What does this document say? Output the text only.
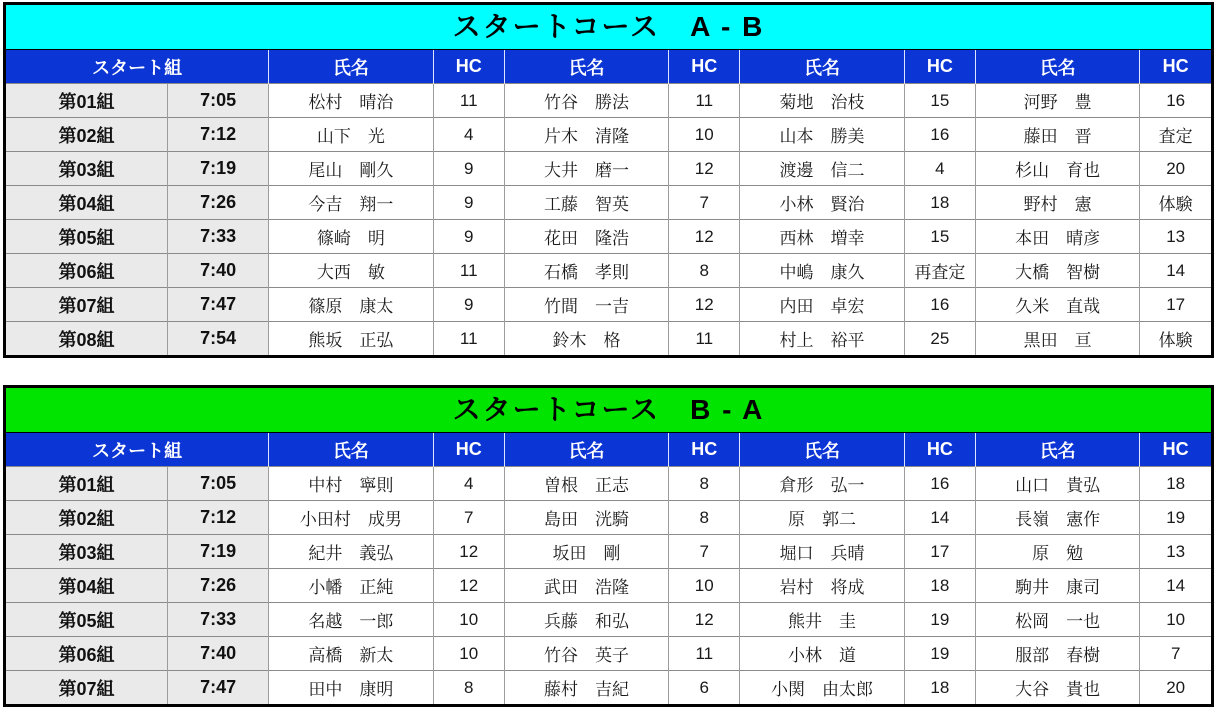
スタートコース　A - B
スタート組		氏名	HC	氏名	HC	氏名	HC	氏名	HC
第01組	7:05	松村　晴治	11	竹谷　勝法	11	菊地　治枝	15	河野　豊	16
第02組	7:12	山下　光	4	片木　清隆	10	山本　勝美	16	藤田　晋	査定
第03組	7:19	尾山　剛久	9	大井　磨一	12	渡邊　信二	4	杉山　育也	20
第04組	7:26	今吉　翔一	9	工藤　智英	7	小林　賢治	18	野村　憲	体験
第05組	7:33	篠崎　明	9	花田　隆浩	12	西林　増幸	15	本田　晴彦	13
第06組	7:40	大西　敏	11	石橋　孝則	8	中嶋　康久	再査定	大橋　智樹	14
第07組	7:47	篠原　康太	9	竹間　一吉	12	内田　卓宏	16	久米　直哉	17
第08組	7:54	熊坂　正弘	11	鈴木　格	11	村上　裕平	25	黒田　亘	体験
スタートコース　B - A
スタート組		氏名	HC	氏名	HC	氏名	HC	氏名	HC
第01組	7:05	中村　寧則	4	曽根　正志	8	倉形　弘一	16	山口　貴弘	18
第02組	7:12	小田村　成男	7	島田　洸騎	8	原　郭二	14	長嶺　憲作	19
第03組	7:19	紀井　義弘	12	坂田　剛	7	堀口　兵晴	17	原　勉	13
第04組	7:26	小幡　正純	12	武田　浩隆	10	岩村　将成	18	駒井　康司	14
第05組	7:33	名越　一郎	10	兵藤　和弘	12	熊井　圭	19	松岡　一也	10
第06組	7:40	高橋　新太	10	竹谷　英子	11	小林　道	19	服部　春樹	7
第07組	7:47	田中　康明	8	藤村　吉紀	6	小関　由太郎	18	大谷　貴也	20
